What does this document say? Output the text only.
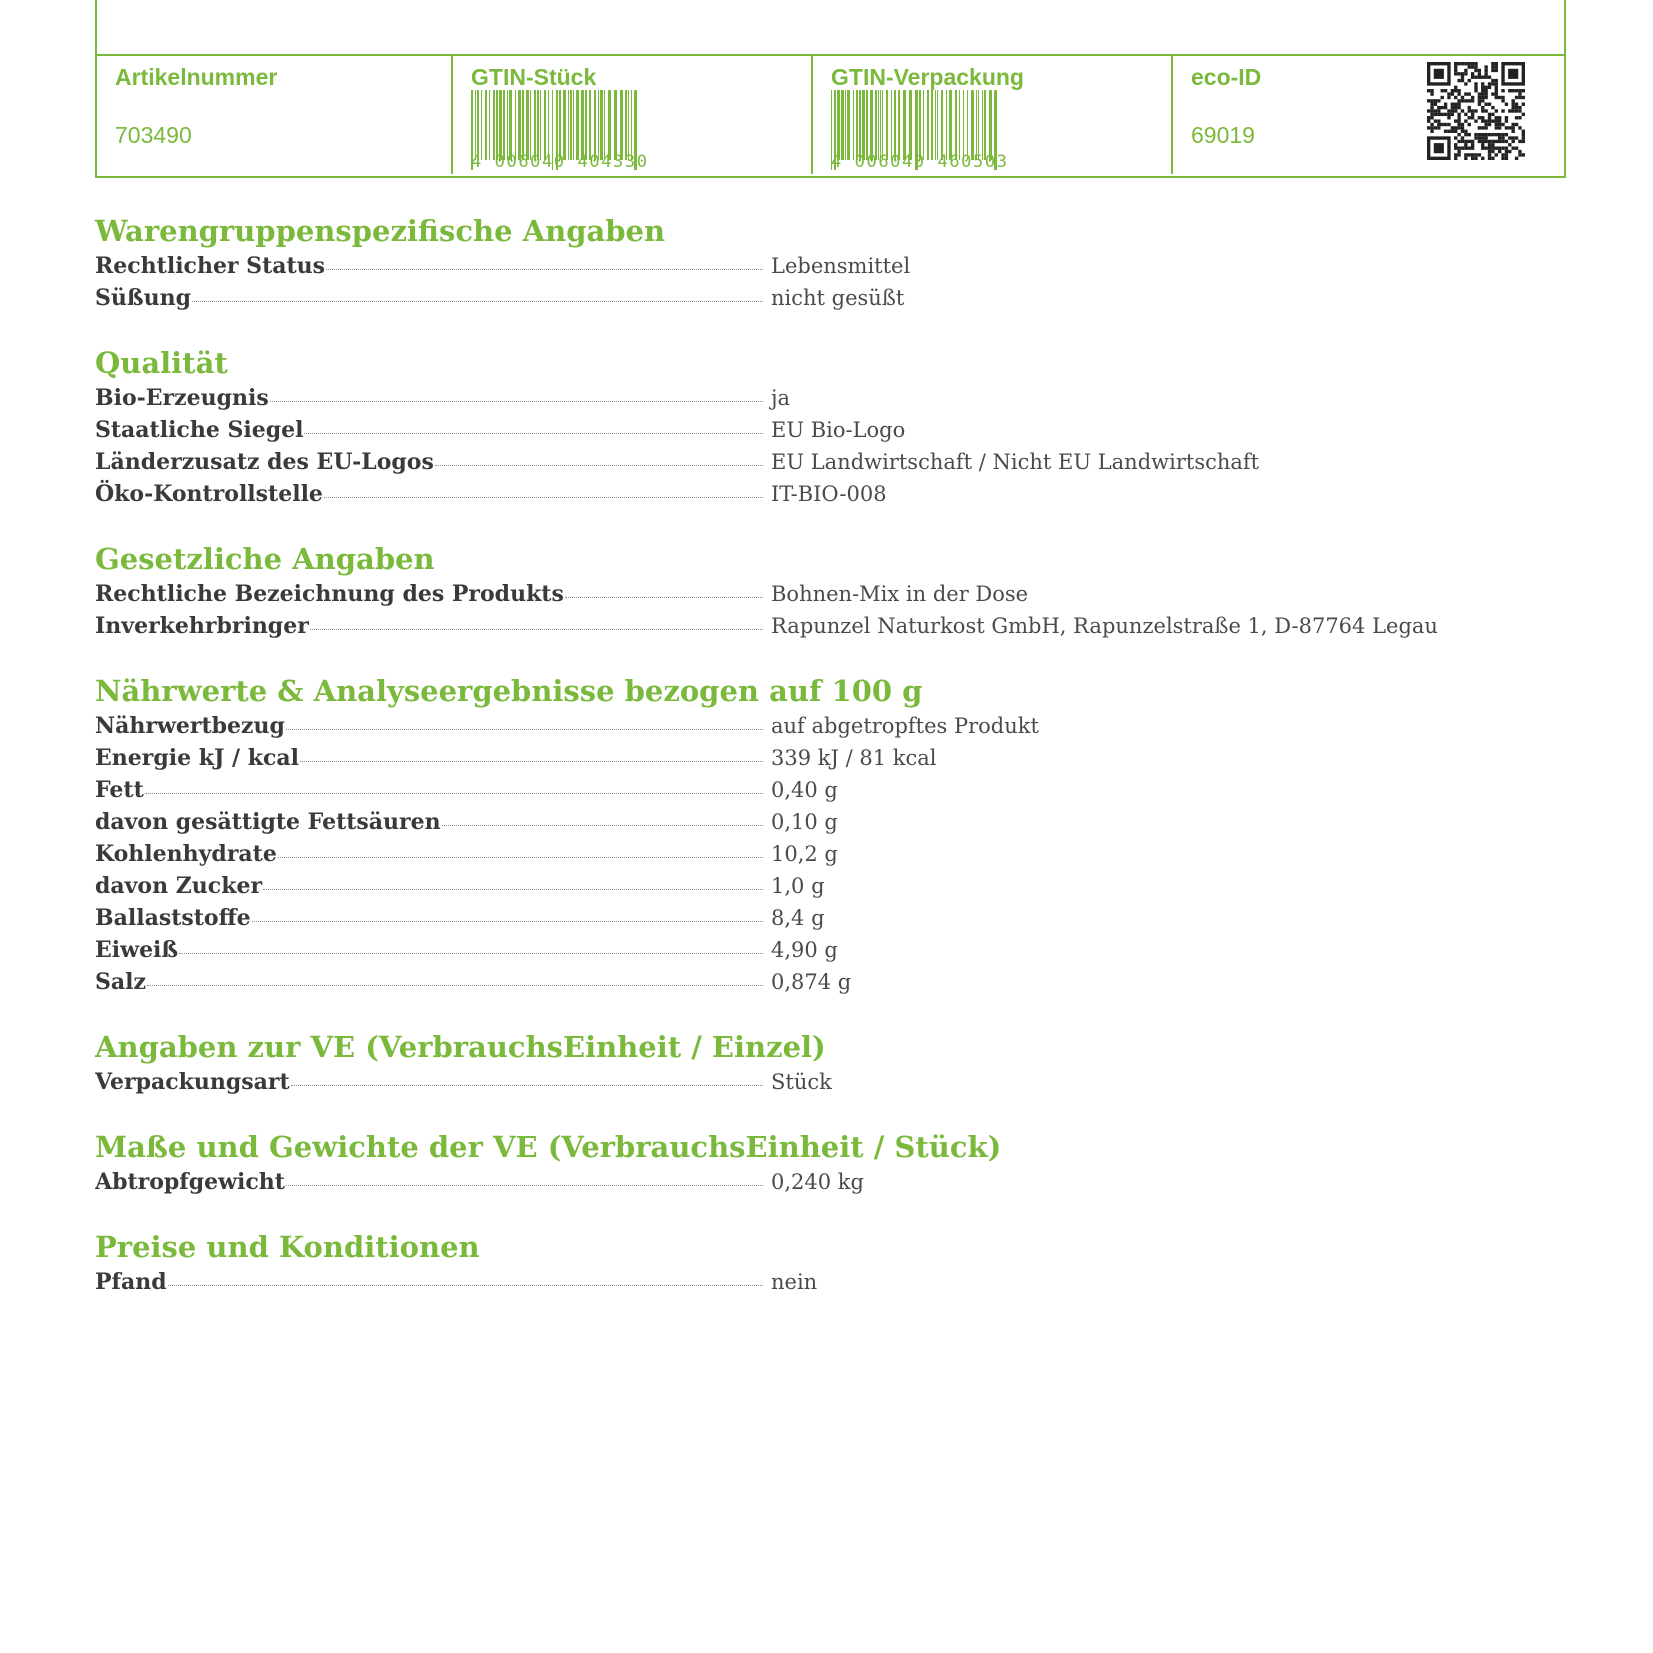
Artikelnummer
703490
GTIN-Stück
4 006040 404330
GTIN-Verpackung
4 006040 460503
eco-ID
69019
Warengruppenspezifische Angaben
Rechtlicher Status	Lebensmittel
Süßung	nicht gesüßt
Qualität
Bio-Erzeugnis	ja
Staatliche Siegel	EU Bio-Logo
Länderzusatz des EU-Logos	EU Landwirtschaft / Nicht EU Landwirtschaft
Öko-Kontrollstelle	IT-BIO-008
Gesetzliche Angaben
Rechtliche Bezeichnung des Produkts	Bohnen-Mix in der Dose
Inverkehrbringer	Rapunzel Naturkost GmbH, Rapunzelstraße 1, D-87764 Legau
Nährwerte & Analyseergebnisse bezogen auf 100 g
Nährwertbezug	auf abgetropftes Produkt
Energie kJ / kcal	339 kJ / 81 kcal
Fett	0,40 g
davon gesättigte Fettsäuren	0,10 g
Kohlenhydrate	10,2 g
davon Zucker	1,0 g
Ballaststoffe	8,4 g
Eiweiß	4,90 g
Salz	0,874 g
Angaben zur VE (VerbrauchsEinheit / Einzel)
Verpackungsart	Stück
Maße und Gewichte der VE (VerbrauchsEinheit / Stück)
Abtropfgewicht	0,240 kg
Preise und Konditionen
Pfand	nein
